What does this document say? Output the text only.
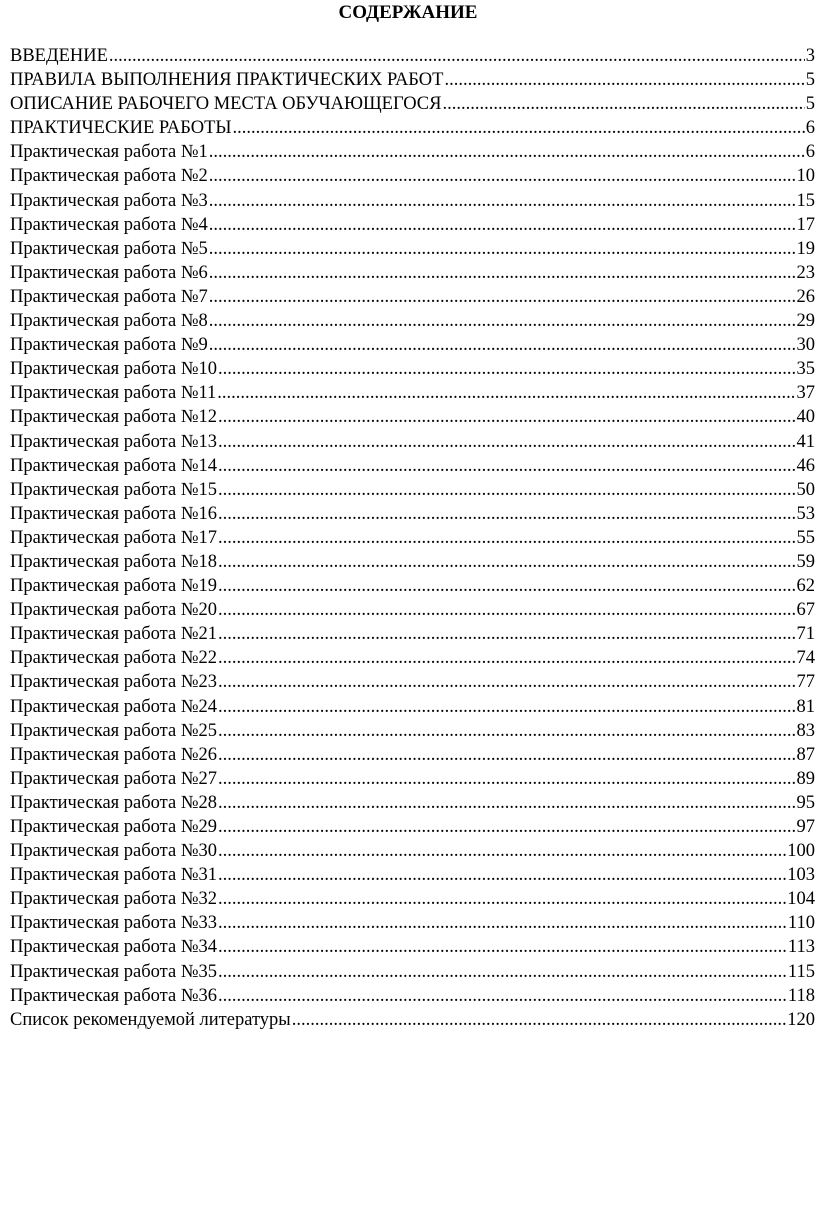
СОДЕРЖАНИЕ
ВВЕДЕНИЕ .....	3
ПРАВИЛА ВЫПОЛНЕНИЯ ПРАКТИЧЕСКИХ РАБОТ .....	5
ОПИСАНИЕ РАБОЧЕГО МЕСТА ОБУЧАЮЩЕГОСЯ .....	5
ПРАКТИЧЕСКИЕ РАБОТЫ .....	6
Практическая работа №1 .....	6
Практическая работа №2 .....	10
Практическая работа №3 .....	15
Практическая работа №4 .....	17
Практическая работа №5 .....	19
Практическая работа №6 .....	23
Практическая работа №7 .....	26
Практическая работа №8 .....	29
Практическая работа №9 .....	30
Практическая работа №10 .....	35
Практическая работа №11 .....	37
Практическая работа №12 .....	40
Практическая работа №13 .....	41
Практическая работа №14 .....	46
Практическая работа №15 .....	50
Практическая работа №16 .....	53
Практическая работа №17 .....	55
Практическая работа №18 .....	59
Практическая работа №19 .....	62
Практическая работа №20 .....	67
Практическая работа №21 .....	71
Практическая работа №22 .....	74
Практическая работа №23 .....	77
Практическая работа №24 .....	81
Практическая работа №25 .....	83
Практическая работа №26 .....	87
Практическая работа №27 .....	89
Практическая работа №28 .....	95
Практическая работа №29 .....	97
Практическая работа №30 .....	100
Практическая работа №31 .....	103
Практическая работа №32 .....	104
Практическая работа №33 .....	110
Практическая работа №34 .....	113
Практическая работа №35 .....	115
Практическая работа №36 .....	118
Список рекомендуемой литературы .....	120
